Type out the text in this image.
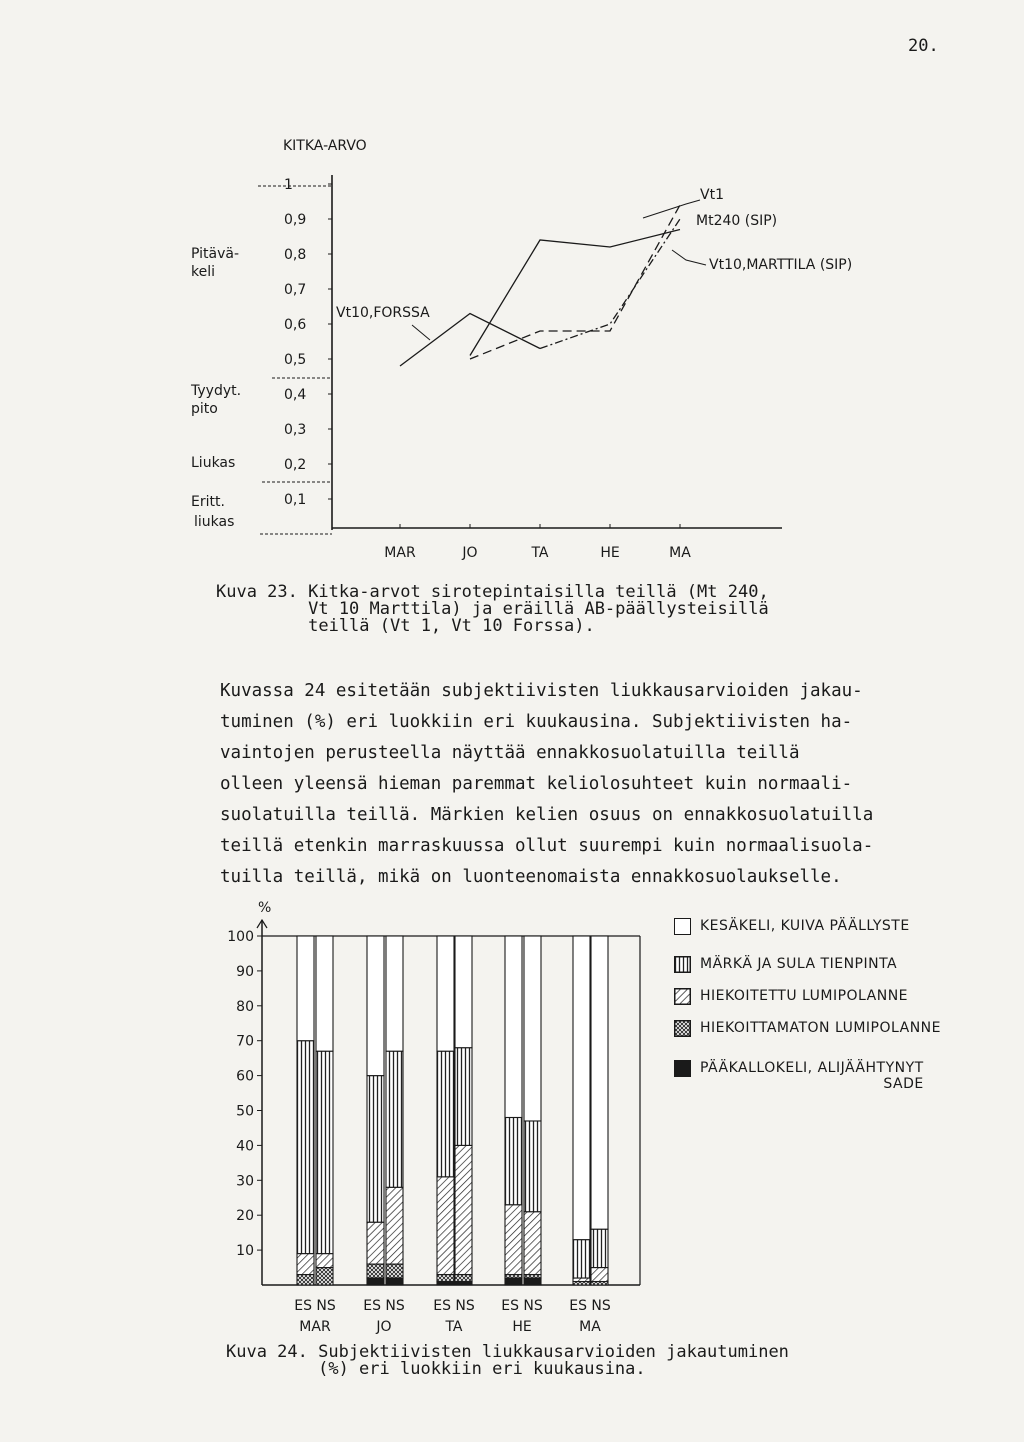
20.
KITKA-ARVO
1
0,9
0,8
0,7
0,6
0,5
0,4
0,3
0,2
0,1
Pitävä-
keli
Tyydyt.
pito
Liukas
Eritt.
liukas
MAR	JO	TA	HE	MA
Vt1
Mt240 (SIP)
Vt10,MARTTILA (SIP)
Vt10,FORSSA
Kuva 23. Kitka-arvot sirotepintaisilla teillä (Mt 240,
Vt 10 Marttila) ja eräillä AB-päällysteisillä
teillä (Vt 1, Vt 10 Forssa).
Kuvassa 24 esitetään subjektiivisten liukkausarvioiden jakau-
tuminen (%) eri luokkiin eri kuukausina. Subjektiivisten ha-
vaintojen perusteella näyttää ennakkosuolatuilla teillä
olleen yleensä hieman paremmat keliolosuhteet kuin normaali-
suolatuilla teillä. Märkien kelien osuus on ennakkosuolatuilla
teillä etenkin marraskuussa ollut suurempi kuin normaalisuola-
tuilla teillä, mikä on luonteenomaista ennakkosuolaukselle.
%
100
90
80
70
60
50
40
30
20
10
ES NS ES NS ES NS ES NS ES NS
MAR	JO	TA	HE	MA
KESÄKELI, KUIVA PÄÄLLYSTE
MÄRKÄ JA SULA TIENPINTA
HIEKOITETTU LUMIPOLANNE
HIEKOITTAMATON LUMIPOLANNE
PÄÄKALLOKELI, ALIJÄÄHTYNYT

SADE
Kuva 24. Subjektiivisten liukkausarvioiden jakautuminen
(%) eri luokkiin eri kuukausina.
